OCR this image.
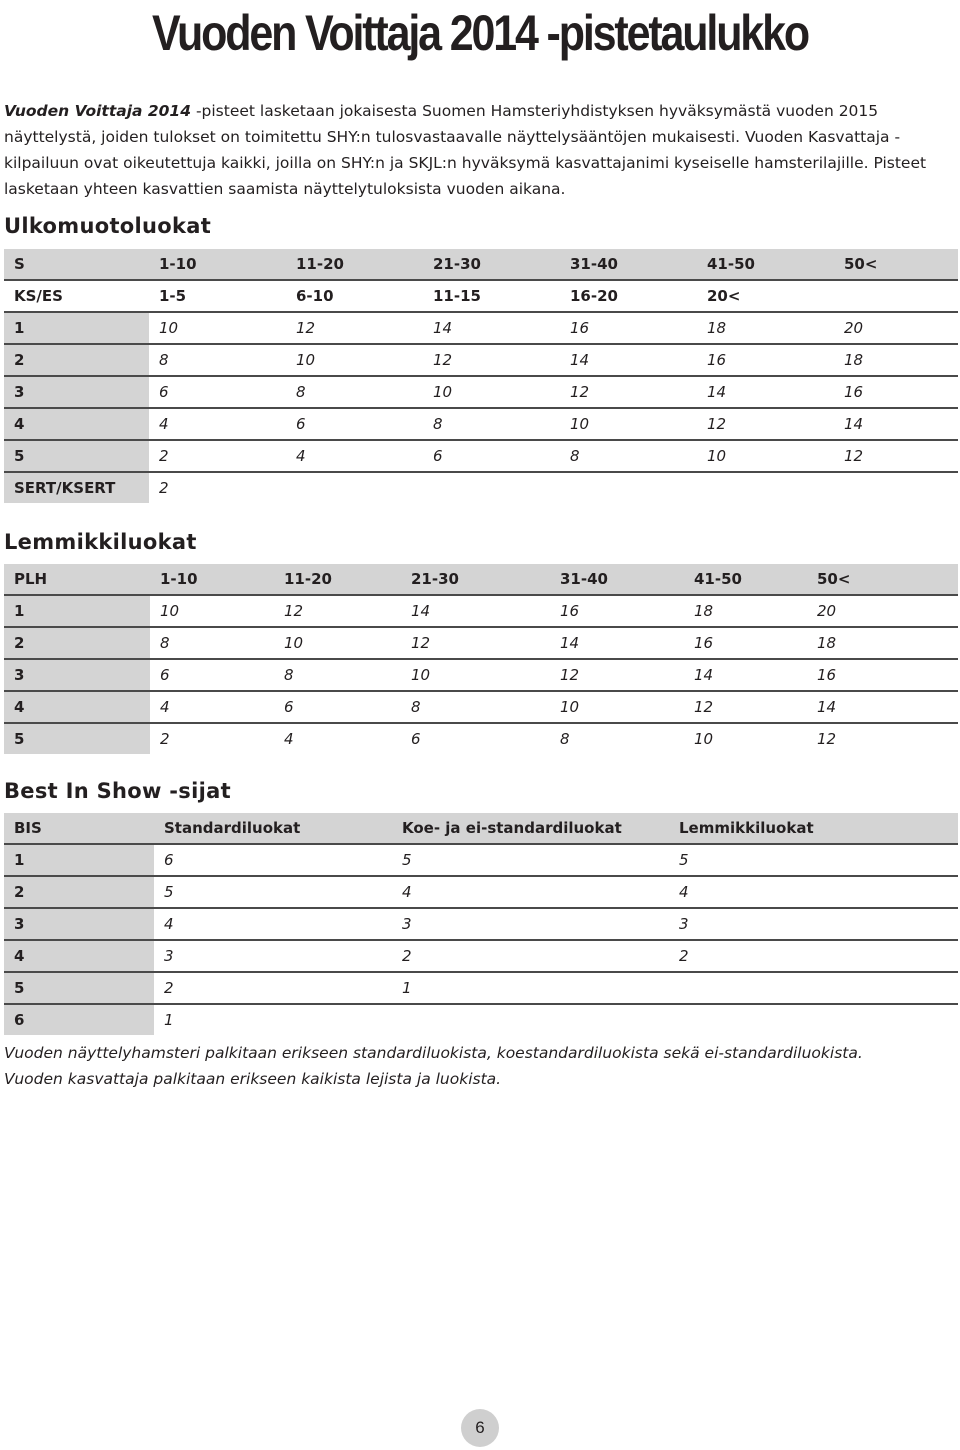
Vuoden Voittaja 2014 -pistetaulukko

Vuoden Voittaja 2014 -pisteet lasketaan jokaisesta Suomen Hamsteriyhdistyksen hyväksymästä vuoden 2015 näyttelystä, joiden tulokset on toimitettu SHY:n tulosvastaavalle näyttelysääntöjen mukaisesti. Vuoden Kasvattaja -kilpailuun ovat oikeutettuja kaikki, joilla on SHY:n ja SKJL:n hyväksymä kasvattajanimi kyseiselle hamsterilajille. Pisteet lasketaan yhteen kasvattien saamista näyttelytuloksista vuoden aikana.

Ulkomuotoluokat
S	1-10	11-20	21-30	31-40	41-50	50<
KS/ES	1-5	6-10	11-15	16-20	20<	
1	10	12	14	16	18	20
2	8	10	12	14	16	18
3	6	8	10	12	14	16
4	4	6	8	10	12	14
5	2	4	6	8	10	12
SERT/KSERT	2					
Lemmikkiluokat
PLH	1-10	11-20	21-30	31-40	41-50	50<
1	10	12	14	16	18	20
2	8	10	12	14	16	18
3	6	8	10	12	14	16
4	4	6	8	10	12	14
5	2	4	6	8	10	12
Best In Show -sijat
BIS	Standardiluokat	Koe- ja ei-standardiluokat	Lemmikkiluokat
1	6	5	5
2	5	4	4
3	4	3	3
4	3	2	2
5	2	1	
6	1		

Vuoden näyttelyhamsteri palkitaan erikseen standardiluokista, koestandardiluokista sekä ei-standardiluokista.
Vuoden kasvattaja palkitaan erikseen kaikista lejista ja luokista.

6
